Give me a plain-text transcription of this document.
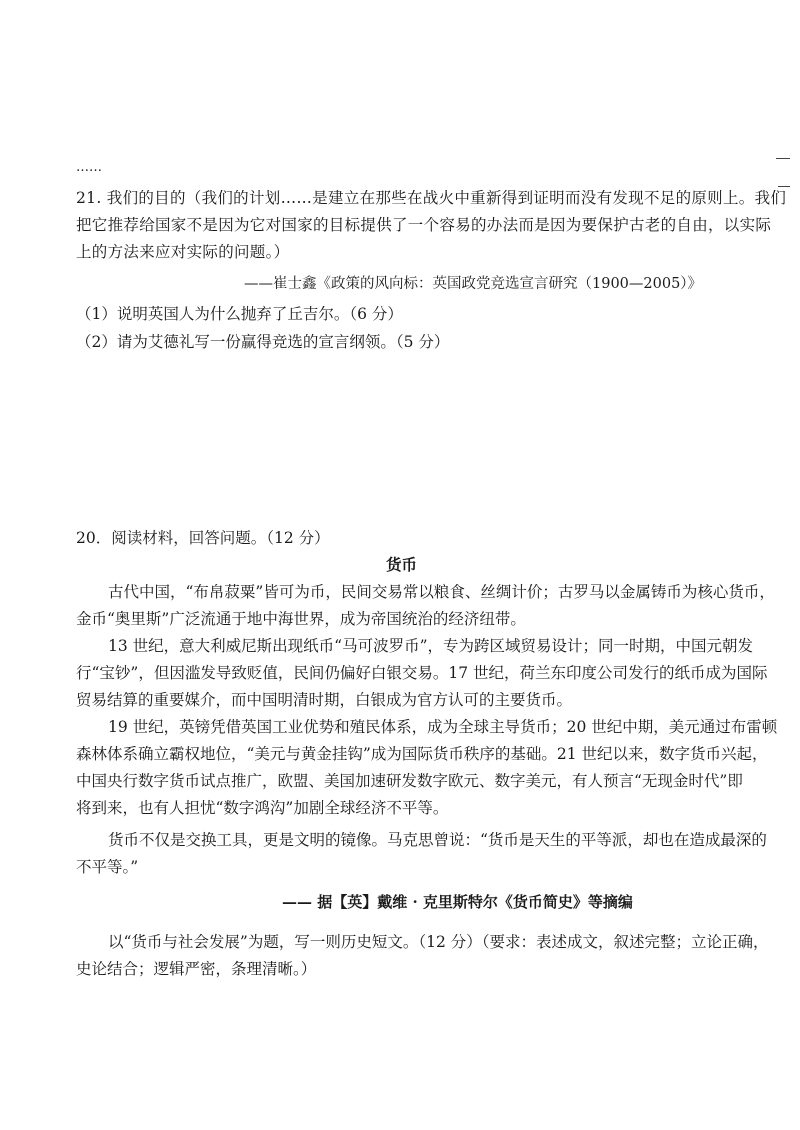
……
21. 我们的目的（我们的计划……是建立在那些在战火中重新得到证明而没有发现不足的原则上。我们
把它推荐给国家不是因为它对国家的目标提供了一个容易的办法而是因为要保护古老的自由，以实际
上的方法来应对实际的问题。）
——崔士鑫《政策的风向标：英国政党竞选宣言研究（1900—2005）》
（1）说明英国人为什么抛弃了丘吉尔。（6 分）
（2）请为艾德礼写一份赢得竞选的宣言纲领。（5 分）
20．阅读材料，回答问题。（12 分）
货币
古代中国，“布帛菽粟”皆可为币，民间交易常以粮食、丝绸计价；古罗马以金属铸币为核心货币，
金币“奥里斯”广泛流通于地中海世界，成为帝国统治的经济纽带。
13 世纪，意大利威尼斯出现纸币“马可波罗币”，专为跨区域贸易设计；同一时期，中国元朝发
行“宝钞”，但因滥发导致贬值，民间仍偏好白银交易。17 世纪，荷兰东印度公司发行的纸币成为国际
贸易结算的重要媒介，而中国明清时期，白银成为官方认可的主要货币。
19 世纪，英镑凭借英国工业优势和殖民体系，成为全球主导货币；20 世纪中期，美元通过布雷顿
森林体系确立霸权地位，“美元与黄金挂钩”成为国际货币秩序的基础。21 世纪以来，数字货币兴起，
中国央行数字货币试点推广，欧盟、美国加速研发数字欧元、数字美元，有人预言“无现金时代”即
将到来，也有人担忧“数字鸿沟”加剧全球经济不平等。
货币不仅是交换工具，更是文明的镜像。马克思曾说：“货币是天生的平等派，却也在造成最深的
不平等。”
—— 据【英】戴维 · 克里斯特尔《货币简史》等摘编
以“货币与社会发展”为题，写一则历史短文。（12 分）（要求：表述成文，叙述完整；立论正确，
史论结合；逻辑严密，条理清晰。）
